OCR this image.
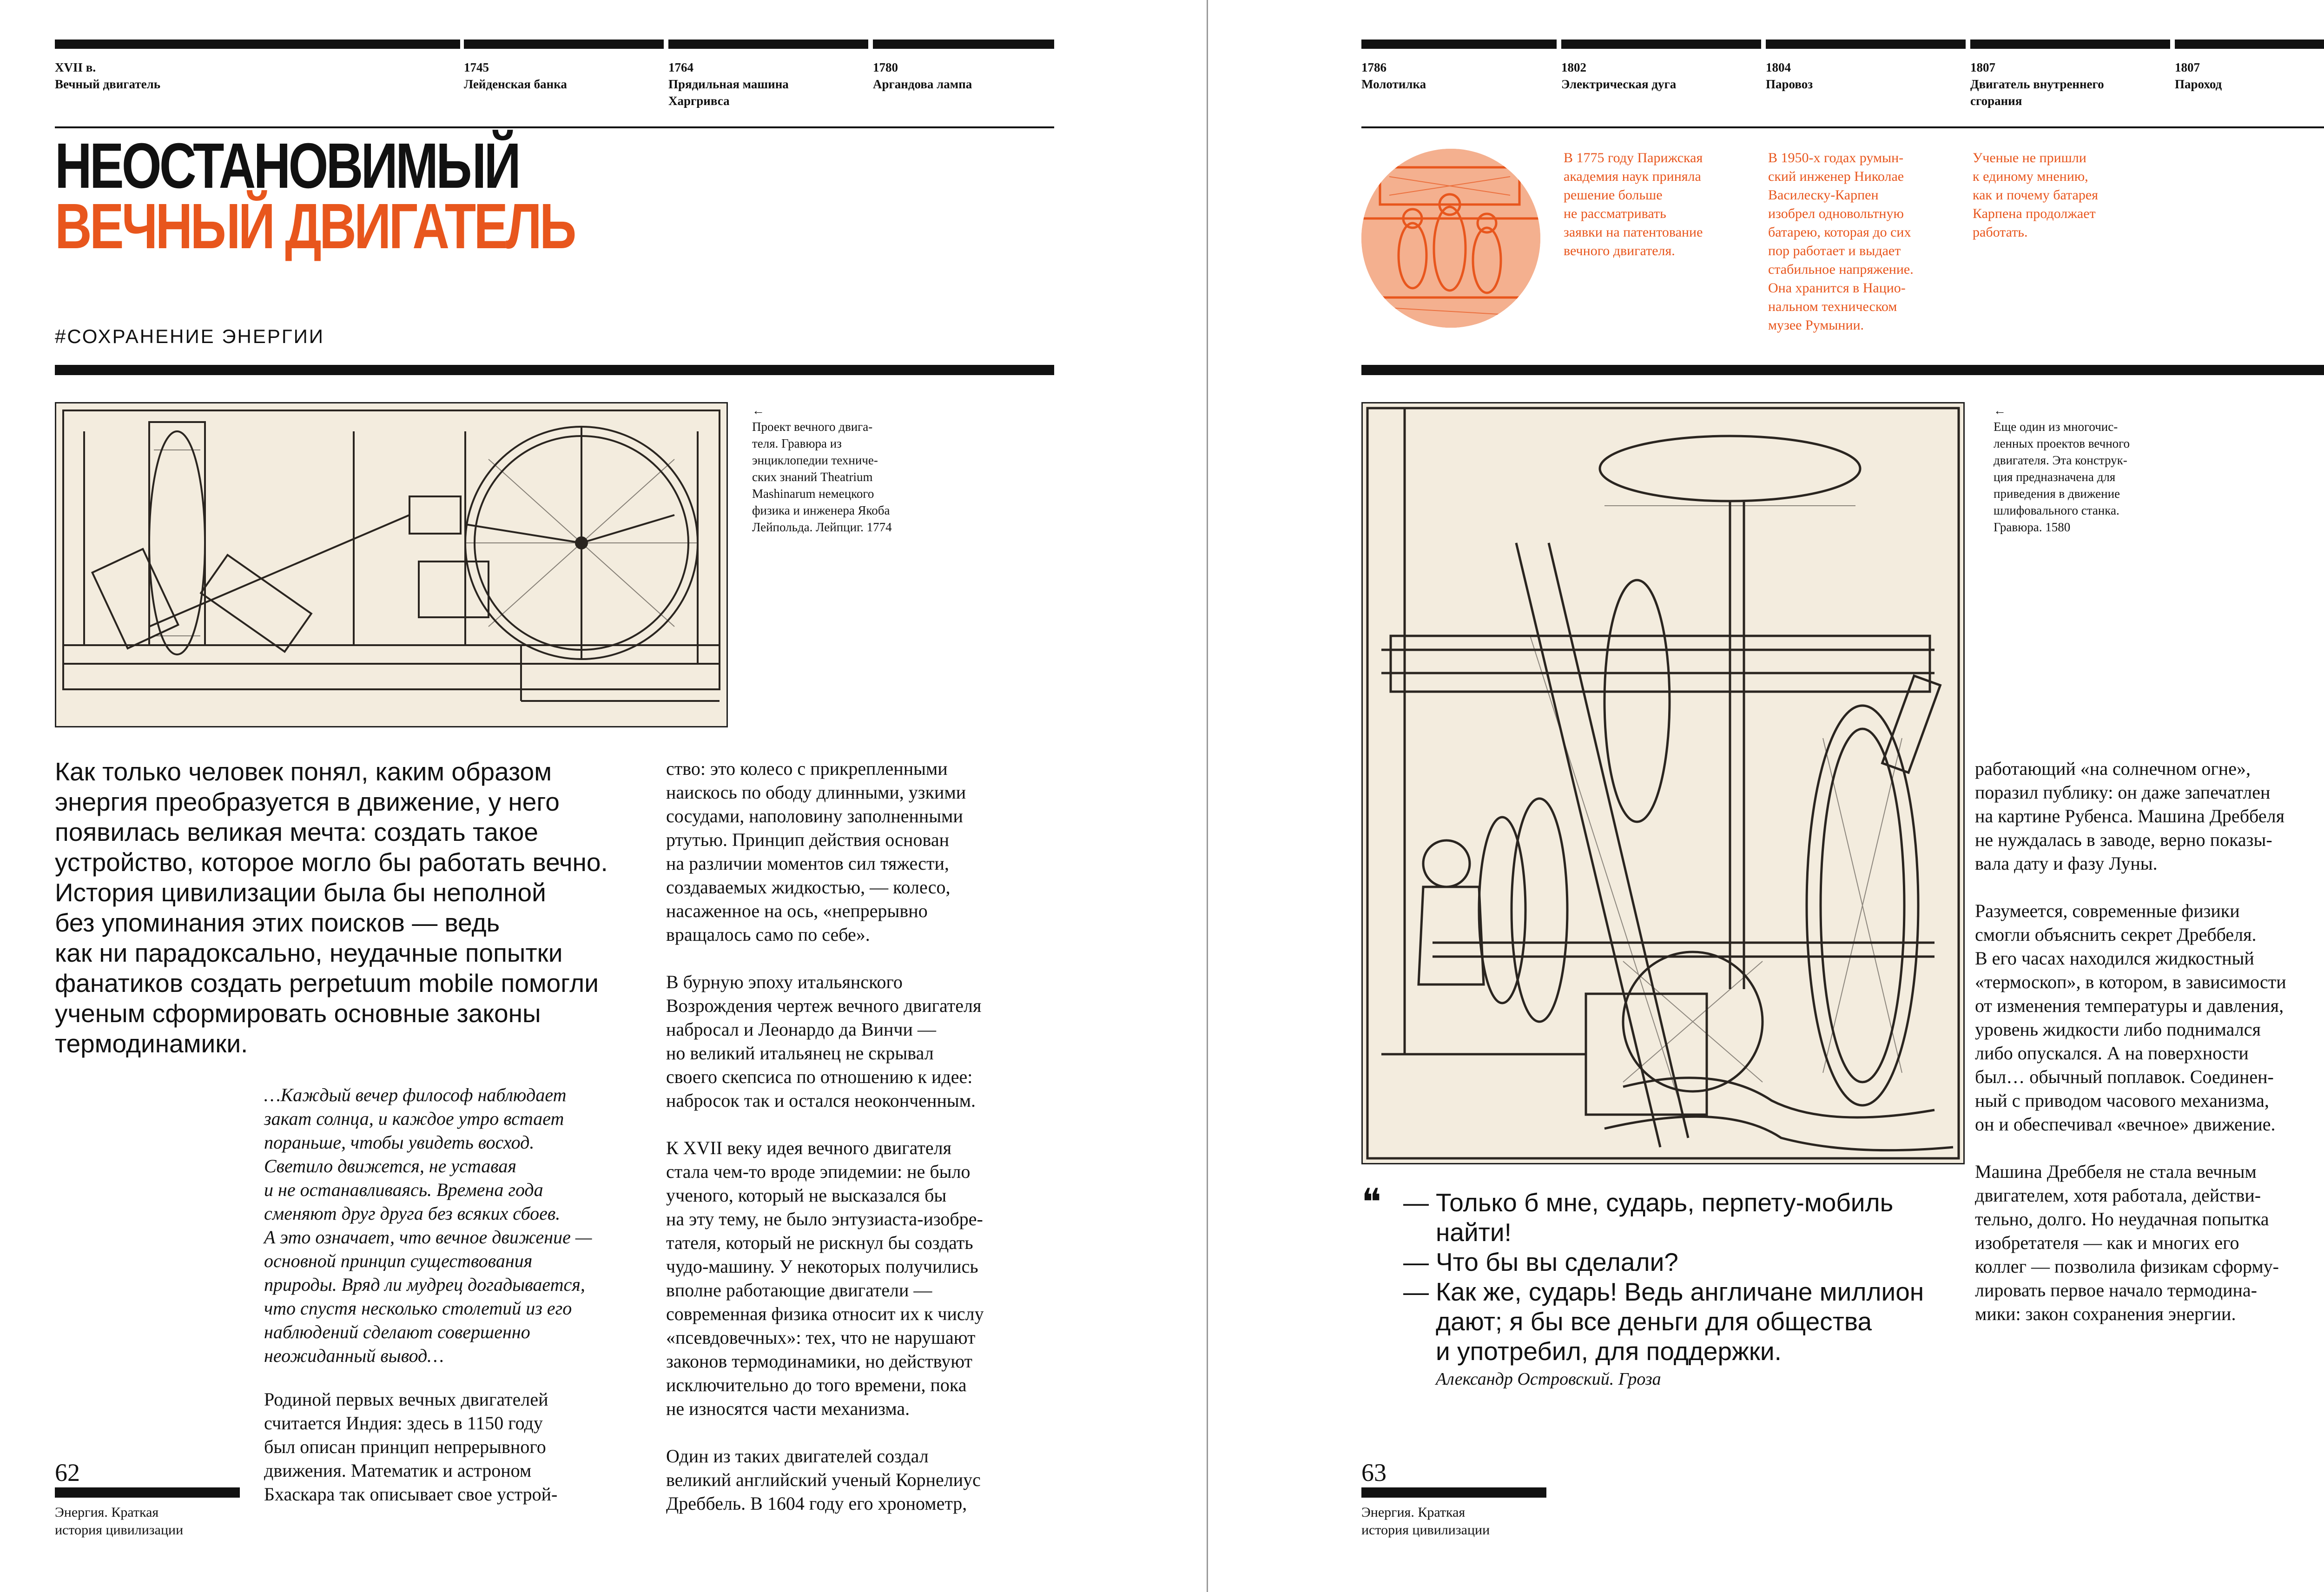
XVII в.
Вечный двигатель
1745
Лейденская банка
1764
Прядильная машина Харгривса
1780
Аргандова лампа
НЕОСТАНОВИМЫЙ
ВЕЧНЫЙ ДВИГАТЕЛЬ
#СОХРАНЕНИЕ ЭНЕРГИИ
←
Проект вечного двига-
теля. Гравюра из
энциклопедии техниче-
ских знаний Theatrium
Mashinarum немецкого
физика и инженера Якоба
Лейпольда. Лейпциг. 1774
Как только человек понял, каким образом
энергия преобразуется в движение, у него
появилась великая мечта: создать такое
устройство, которое могло бы работать вечно.
История цивилизации была бы неполной
без упоминания этих поисков — ведь
как ни парадоксально, неудачные попытки
фанатиков создать perpetuum mobile помогли
ученым сформировать основные законы
термодинамики.
…Каждый вечер философ наблюдает
закат солнца, и каждое утро встает
пораньше, чтобы увидеть восход.
Светило движется, не уставая
и не останавливаясь. Времена года
сменяют друг друга без всяких сбоев.
А это означает, что вечное движение —
основной принцип существования
природы. Вряд ли мудрец догадывается,
что спустя несколько столетий из его
наблюдений сделают совершенно
неожиданный вывод…
Родиной первых вечных двигателей
считается Индия: здесь в 1150 году
был описан принцип непрерывного
движения. Математик и астроном
Бхаскара так описывает свое устрой-

ство: это колесо с прикрепленными
наискось по ободу длинными, узкими
сосудами, наполовину заполненными
ртутью. Принцип действия основан
на различии моментов сил тяжести,
создаваемых жидкостью, — колесо,
насаженное на ось, «непрерывно
вращалось само по себе».

В бурную эпоху итальянского
Возрождения чертеж вечного двигателя
набросал и Леонардо да Винчи —
но великий итальянец не скрывал
своего скепсиса по отношению к идее:
набросок так и остался неоконченным.

К XVII веку идея вечного двигателя
стала чем-то вроде эпидемии: не было
ученого, который не высказался бы
на эту тему, не было энтузиаста-изобре-
тателя, который не рискнул бы создать
чудо-машину. У некоторых получились
вполне работающие двигатели —
современная физика относит их к числу
«псевдовечных»: тех, что не нарушают
законов термодинамики, но действуют
исключительно до того времени, пока
не износятся части механизма.

Один из таких двигателей создал
великий английский ученый Корнелиус
Дреббель. В 1604 году его хронометр,

62
Энергия. Краткая
история цивилизации
1786
Молотилка
1802
Электрическая дуга
1804
Паровоз
1807
Двигатель внутреннего сгорания
1807
Пароход
В 1775 году Парижская
академия наук приняла
решение больше
не рассматривать
заявки на патентование
вечного двигателя.
В 1950-х годах румын-
ский инженер Николае
Василеску-Карпен
изобрел одновольтную
батарею, которая до сих
пор работает и выдает
стабильное напряжение.
Она хранится в Нацио-
нальном техническом
музее Румынии.
Ученые не пришли
к единому мнению,
как и почему батарея
Карпена продолжает
работать.
←
Еще один из многочис-
ленных проектов вечного
двигателя. Эта конструк-
ция предназначена для
приведения в движение
шлифовального станка.
Гравюра. 1580

работающий «на солнечном огне»,
поразил публику: он даже запечатлен
на картине Рубенса. Машина Дреббеля
не нуждалась в заводе, верно показы-
вала дату и фазу Луны.

Разумеется, современные физики
смогли объяснить секрет Дреббеля.
В его часах находился жидкостный
«термоскоп», в котором, в зависимости
от изменения температуры и давления,
уровень жидкости либо поднимался
либо опускался. А на поверхности
был… обычный поплавок. Соединен-
ный с приводом часового механизма,
он и обеспечивал «вечное» движение.

Машина Дреббеля не стала вечным
двигателем, хотя работала, действи-
тельно, долго. Но неудачная попытка
изобретателя — как и многих его
коллег — позволила физикам сформу-
лировать первое начало термодина-
мики: закон сохранения энергии.

❝ — Только б мне, сударь, перпету-мобиль
найти!
— Что бы вы сделали?
— Как же, сударь! Ведь англичане миллион
дают; я бы все деньги для общества
и употребил, для поддержки.
Александр Островский. Гроза
63
Энергия. Краткая
история цивилизации
